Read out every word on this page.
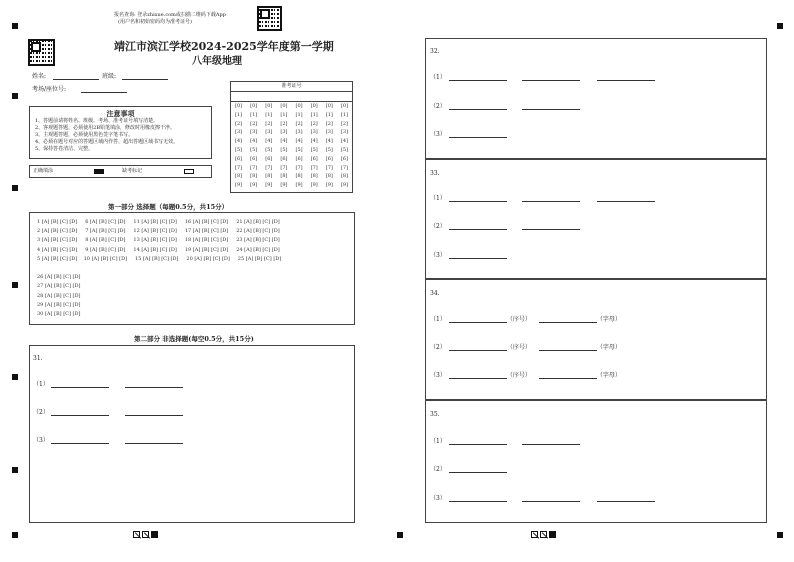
报名查询: 登录zhixue.com或扫描二维码下载App
(用户名和初始密码均为准考证号)
靖江市滨江学校2024-2025学年度第一学期
八年级地理
姓名:	班级:
考场/座位号:	准考证号
[0]	[0]	[0]	[0]	[0]	[0]	[0]	[0]
[1]	[1]	[1]	[1]	[1]	[1]	[1]	[1]
[2]	[2]	[2]	[2]	[2]	[2]	[2]	[2]
[3]	[3]	[3]	[3]	[3]	[3]	[3]	[3]
[4]	[4]	[4]	[4]	[4]	[4]	[4]	[4]
[5]	[5]	[5]	[5]	[5]	[5]	[5]	[5]
[6]	[6]	[6]	[6]	[6]	[6]	[6]	[6]
[7]	[7]	[7]	[7]	[7]	[7]	[7]	[7]
[8]	[8]	[8]	[8]	[8]	[8]	[8]	[8]
[9]	[9]	[9]	[9]	[9]	[9]	[9]	[9]
注意事项
1、答题前请将姓名、班级、考场、准考证号填写清楚。
2、客观题答题，必须使用2B铅笔填涂，修改时用橡皮擦干净。
3、主观题答题，必须使用黑色签字笔书写。
4、必须在题号对应的答题区域内作答，超出答题区域书写无效。
5、保持答卷清洁、完整。
正确填涂	缺考标记
第一部分 选择题（每题0.5分，共15分）
1 [A] [B] [C] [D]     6 [A] [B] [C] [D]     11 [A] [B] [C] [D]     16 [A] [B] [C] [D]     21 [A] [B] [C] [D]
2 [A] [B] [C] [D]     7 [A] [B] [C] [D]     12 [A] [B] [C] [D]     17 [A] [B] [C] [D]     22 [A] [B] [C] [D]
3 [A] [B] [C] [D]     8 [A] [B] [C] [D]     13 [A] [B] [C] [D]     18 [A] [B] [C] [D]     23 [A] [B] [C] [D]
4 [A] [B] [C] [D]     9 [A] [B] [C] [D]     14 [A] [B] [C] [D]     19 [A] [B] [C] [D]     24 [A] [B] [C] [D]
5 [A] [B] [C] [D]    10 [A] [B] [C] [D]     15 [A] [B] [C] [D]     20 [A] [B] [C] [D]     25 [A] [B] [C] [D]
26 [A] [B] [C] [D]
27 [A] [B] [C] [D]
28 [A] [B] [C] [D]
29 [A] [B] [C] [D]
30 [A] [B] [C] [D]
第二部分 非选择题(每空0.5分，共15分)
31.
（1）
（2）
（3）
32.
（1）
（2）
（3）
33.
（1）
（2）
（3）
34.
（1）	（序号）	（字母）
（2）	（序号）	（字母）
（3）	（序号）	（字母）
35.
（1）
（2）
（3）
